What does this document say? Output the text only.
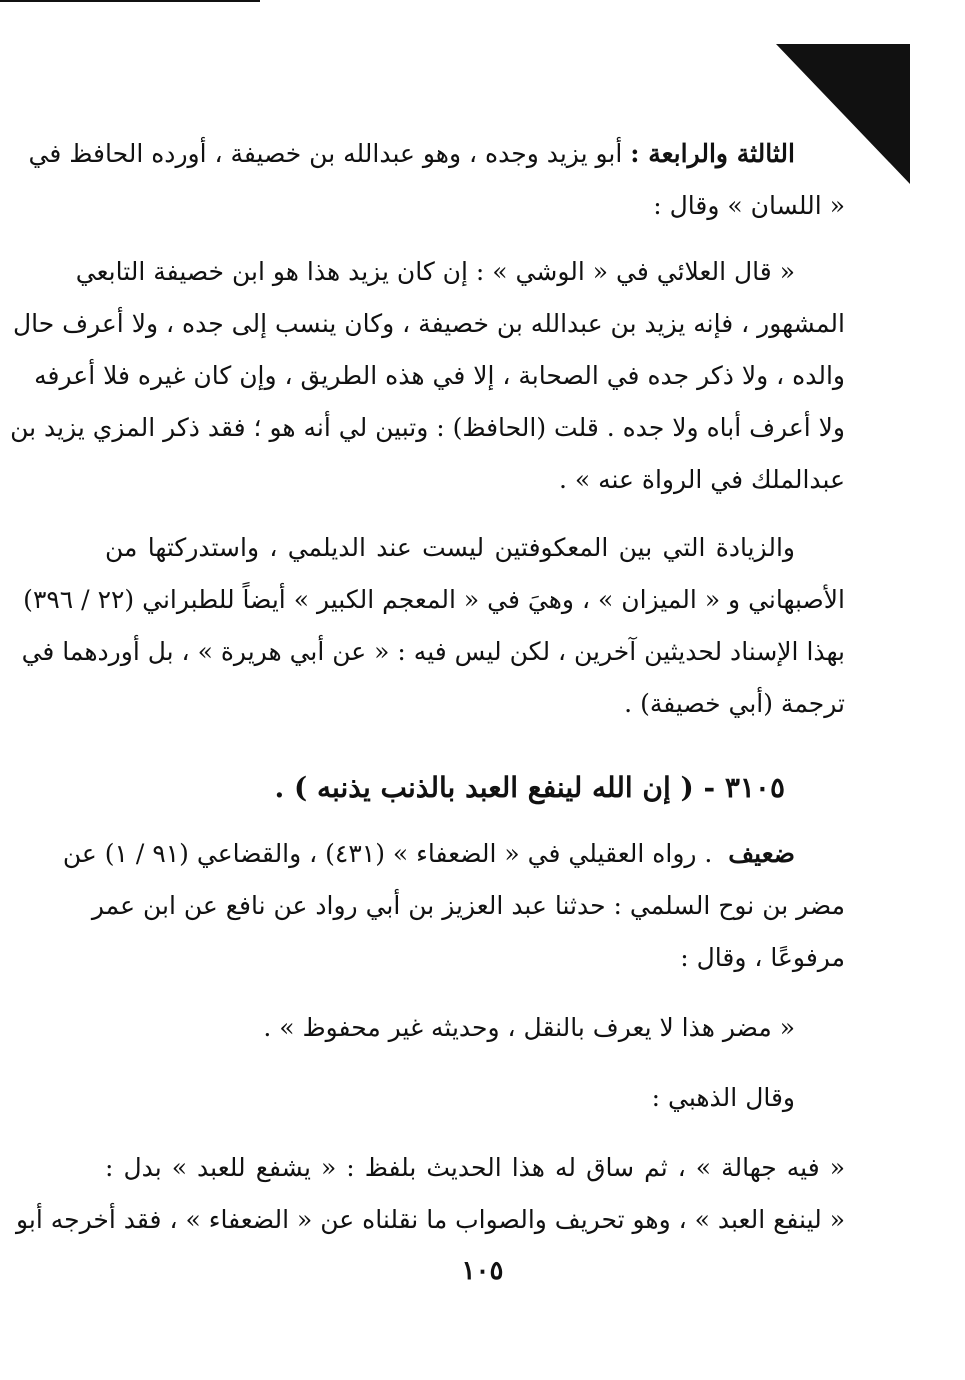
الثالثة والرابعة : أبو يزيد وجده ، وهو عبدالله بن خصيفة ، أورده الحافظ في
« اللسان » وقال :
« قال العلائي في « الوشي » : إن كان يزيد هذا هو ابن خصيفة التابعي
المشهور ، فإنه يزيد بن عبدالله بن خصيفة ، وكان ينسب إلى جده ، ولا أعرف حال
والده ، ولا ذكر جده في الصحابة ، إلا في هذه الطريق ، وإن كان غيره فلا أعرفه
ولا أعرف أباه ولا جده . قلت (الحافظ) : وتبين لي أنه هو ؛ فقد ذكر المزي يزيد بن
عبدالملك في الرواة عنه » .
والزيادة التي بين المعكوفتين ليست عند الديلمي ، واستدركتها من
الأصبهاني و « الميزان » ، وهيَ في « المعجم الكبير » أيضاً للطبراني (٢٢ / ٣٩٦)
بهذا الإسناد لحديثين آخرين ، لكن ليس فيه : « عن أبي هريرة » ، بل أوردهما في
ترجمة (أبي خصيفة) .
٣١٠٥ - ( إن الله لينفع العبد بالذنب يذنبه ) .
ضعيف  . رواه العقيلي في « الضعفاء » (٤٣١) ، والقضاعي (٩١ / ١) عن
مضر بن نوح السلمي : حدثنا عبد العزيز بن أبي رواد عن نافع عن ابن عمر
مرفوعًا ، وقال :
« مضر هذا لا يعرف بالنقل ، وحديثه غير محفوظ » .
وقال الذهبي :
« فيه جهالة » ، ثم ساق له هذا الحديث بلفظ : « يشفع للعبد » بدل :
« لينفع العبد » ، وهو تحريف والصواب ما نقلناه عن « الضعفاء » ، فقد أخرجه أبو
١٠٥
